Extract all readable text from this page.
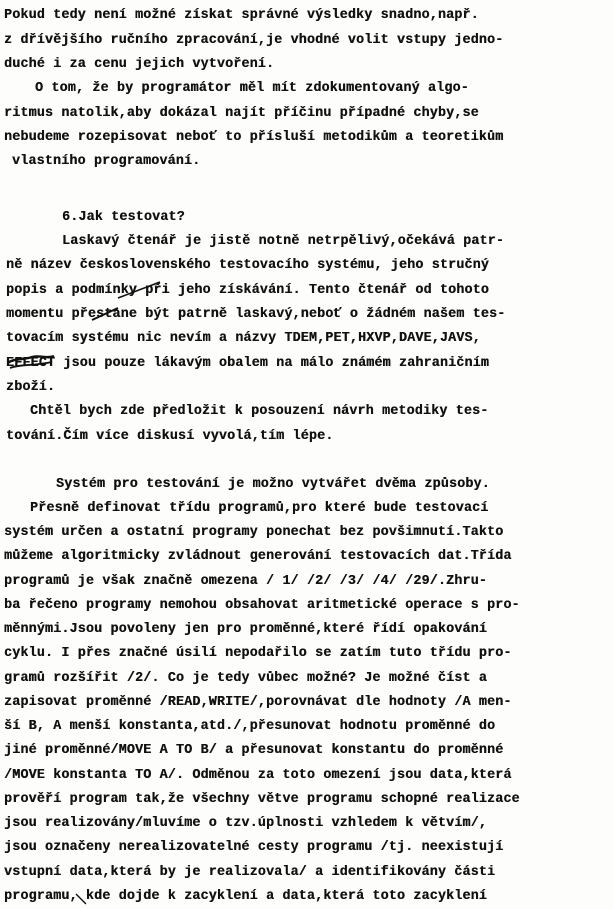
Pokud tedy není možné získat správné výsledky snadno,např.
z dřívějšího ručního zpracování,je vhodné volit vstupy jedno-
duché i za cenu jejich vytvoření.
O tom, že by programátor měl mít zdokumentovaný algo-
ritmus natolik,aby dokázal najít příčinu případné chyby,se
nebudeme rozepisovat neboť to přísluší metodikům a teoretikům
vlastního programování.
6.Jak testovat?
Laskavý čtenář je jistě notně netrpělivý,očekává patr-
ně název československého testovacího systému, jeho stručný
popis a podmínky při jeho získávání. Tento čtenář od tohoto
momentu přestane být patrně laskavý,neboť o žádném našem tes-
tovacím systému nic nevím a názvy TDEM,PET,HXVP,DAVE,JAVS,
EFFECT jsou pouze lákavým obalem na málo známém zahraničním
zboží.
Chtěl bych zde předložit k posouzení návrh metodiky tes-
tování.Čím více diskusí vyvolá,tím lépe.
Systém pro testování je možno vytvářet dvěma způsoby.
Přesně definovat třídu programů,pro které bude testovací
systém určen a ostatní programy ponechat bez povšimnutí.Takto
můžeme algoritmicky zvládnout generování testovacích dat.Třída
programů je však značně omezena / 1/ /2/ /3/ /4/ /29/.Zhru-
ba řečeno programy nemohou obsahovat aritmetické operace s pro-
měnnými.Jsou povoleny jen pro proměnné,které řídí opakování
cyklu. I přes značné úsilí nepodařilo se zatím tuto třídu pro-
gramů rozšířit /2/. Co je tedy vůbec možné? Je možné číst a
zapisovat proměnné /READ,WRITE/,porovnávat dle hodnoty /A men-
ší B, A menší konstanta,atd./,přesunovat hodnotu proměnné do
jiné proměnné/MOVE A TO B/ a přesunovat konstantu do proměnné
/MOVE konstanta TO A/. Odměnou za toto omezení jsou data,která
prověří program tak,že všechny větve programu schopné realizace
jsou realizovány/mluvíme o tzv.úplnosti vzhledem k větvím/,
jsou označeny nerealizovatelné cesty programu /tj. neexistují
vstupní data,která by je realizovala/ a identifikovány části
programu, kde dojde k zacyklení a data,která toto zacyklení
